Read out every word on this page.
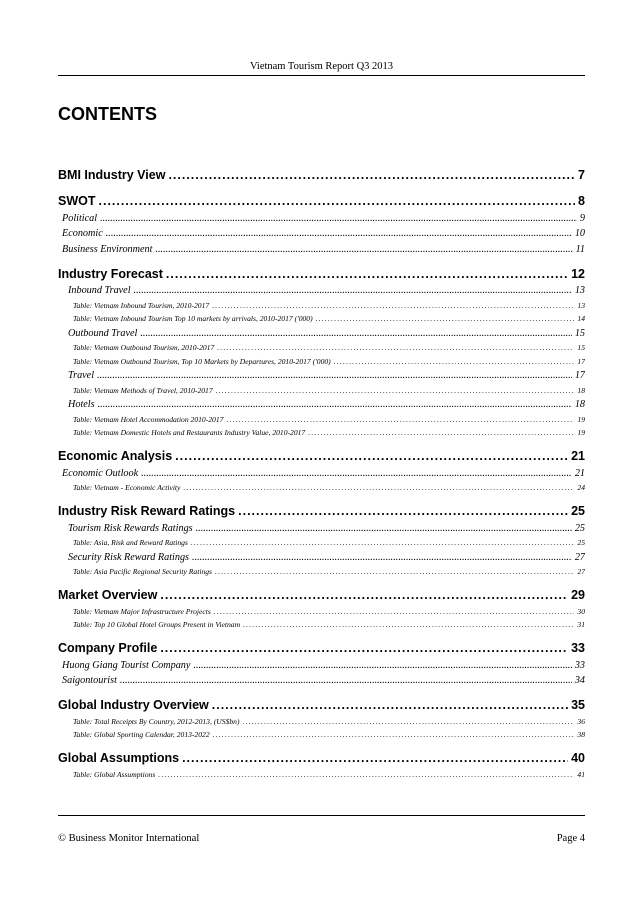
Vietnam Tourism Report Q3 2013
CONTENTS
BMI Industry View .....	7
SWOT .....	8
Political .....	9
Economic .....	10
Business Environment .....	11
Industry Forecast .....	12
Inbound Travel .....	13
Table: Vietnam Inbound Tourism, 2010-2017 .....	13
Table: Vietnam Inbound Tourism Top 10 markets by arrivals, 2010-2017 ('000) .....	14
Outbound Travel .....	15
Table: Vietnam Outbound Tourism, 2010-2017 .....	15
Table: Vietnam Outbound Tourism, Top 10 Markets by Departures, 2010-2017 ('000) .....	17
Travel .....	17
Table: Vietnam Methods of Travel, 2010-2017 .....	18
Hotels .....	18
Table: Vietnam Hotel Accommodation 2010-2017 .....	19
Table: Vietnam Domestic Hotels and Restaurants Industry Value, 2010-2017 .....	19
Economic Analysis .....	21
Economic Outlook .....	21
Table: Vietnam - Economic Activity .....	24
Industry Risk Reward Ratings .....	25
Tourism Risk Rewards Ratings .....	25
Table: Asia, Risk and Reward Ratings .....	25
Security Risk Reward Ratings .....	27
Table: Asia Pacific Regional Security Ratings .....	27
Market Overview .....	29
Table: Vietnam Major Infrastructure Projects .....	30
Table: Top 10 Global Hotel Groups Present in Vietnam .....	31
Company Profile .....	33
Huong Giang Tourist Company .....	33
Saigontourist .....	34
Global Industry Overview .....	35
Table: Total Receipts By Country, 2012-2013, (US$bn) .....	36
Table: Global Sporting Calendar, 2013-2022 .....	38
Global Assumptions .....	40
Table: Global Assumptions .....	41
© Business Monitor International	Page 4
